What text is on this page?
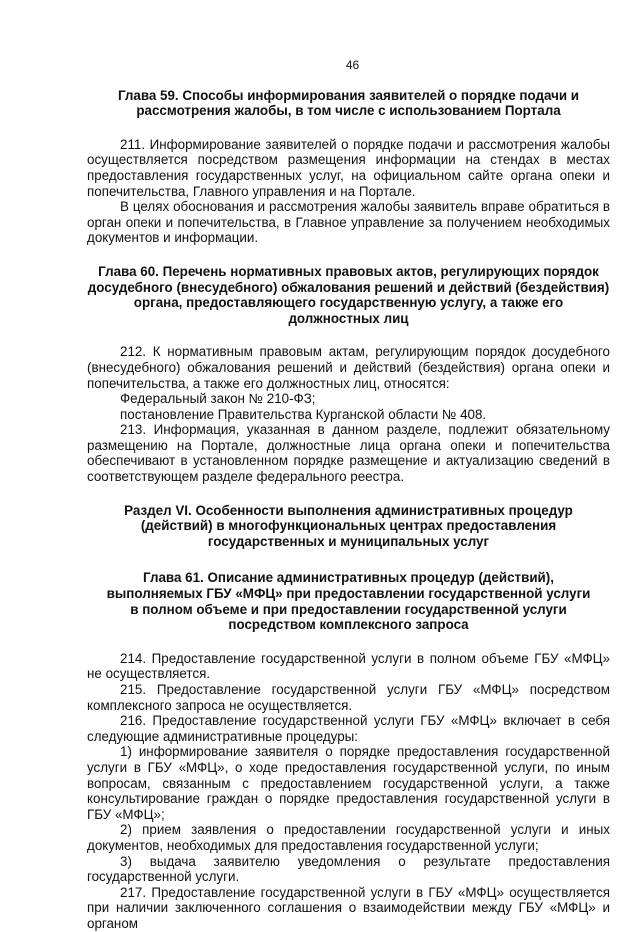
46
Глава 59. Способы информирования заявителей о порядке подачи и рассмотрения жалобы, в том числе с использованием Портала

211. Информирование заявителей о порядке подачи и рассмотрения жалобы осуществляется посредством размещения информации на стендах в местах предоставления государственных услуг, на официальном сайте органа опеки и попечительства, Главного управления и на Портале.

В целях обоснования и рассмотрения жалобы заявитель вправе обратиться в орган опеки и попечительства, в Главное управление за получением необходимых документов и информации.

Глава 60. Перечень нормативных правовых актов, регулирующих порядок досудебного (внесудебного) обжалования решений и действий (бездействия) органа, предоставляющего государственную услугу, а также его должностных лиц

212. К нормативным правовым актам, регулирующим порядок досудебного (внесудебного) обжалования решений и действий (бездействия) органа опеки и попечительства, а также его должностных лиц, относятся:

Федеральный закон № 210-ФЗ;

постановление Правительства Курганской области № 408.

213. Информация, указанная в данном разделе, подлежит обязательному размещению на Портале, должностные лица органа опеки и попечительства обеспечивают в установленном порядке размещение и актуализацию сведений в соответствующем разделе федерального реестра.

Раздел VI. Особенности выполнения административных процедур (действий) в многофункциональных центрах предоставления государственных и муниципальных услуг
Глава 61. Описание административных процедур (действий), выполняемых ГБУ «МФЦ» при предоставлении государственной услуги в полном объеме и при предоставлении государственной услуги посредством комплексного запроса

214. Предоставление государственной услуги в полном объеме ГБУ «МФЦ» не осуществляется.

215. Предоставление государственной услуги ГБУ «МФЦ» посредством комплексного запроса не осуществляется.

216. Предоставление государственной услуги ГБУ «МФЦ» включает в себя следующие административные процедуры:

1) информирование заявителя о порядке предоставления государственной услуги в ГБУ «МФЦ», о ходе предоставления государственной услуги, по иным вопросам, связанным с предоставлением государственной услуги, а также консультирование граждан о порядке предоставления государственной услуги в ГБУ «МФЦ»;

2) прием заявления о предоставлении государственной услуги и иных документов, необходимых для предоставления государственной услуги;

3) выдача заявителю уведомления о результате предоставления государственной услуги.

217. Предоставление государственной услуги в ГБУ «МФЦ» осуществляется при наличии заключенного соглашения о взаимодействии между ГБУ «МФЦ» и органом
